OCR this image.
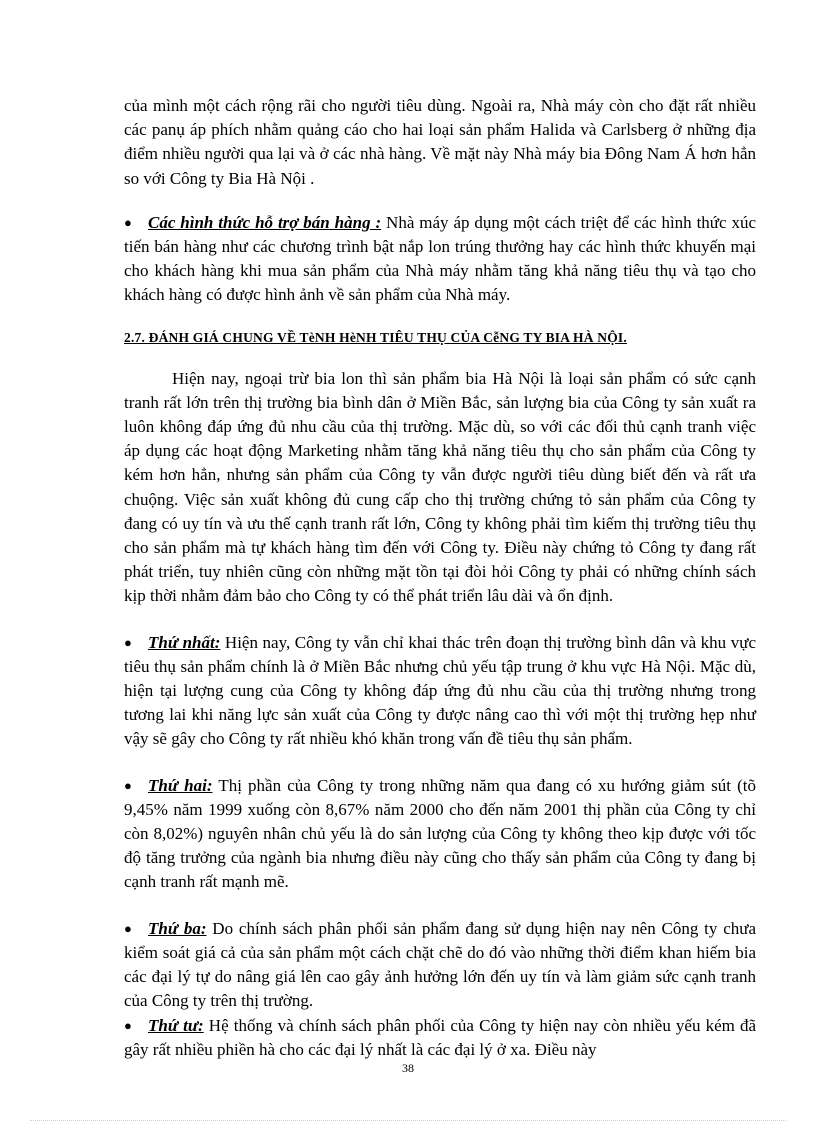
của mình một cách rộng rãi cho người tiêu dùng. Ngoài ra, Nhà máy còn cho đặt rất nhiều các panụ áp phích nhằm quảng cáo cho hai loại sản phẩm Halida và Carlsberg ở những địa điểm nhiều người qua lại và ở các nhà hàng. Về mặt này Nhà máy bia Đông Nam Á hơn hẳn so với Công ty Bia Hà Nội .

● Các hình thức hỗ trợ bán hàng : Nhà máy áp dụng một cách triệt để các hình thức xúc tiến bán hàng như các chương trình bật nắp lon trúng thưởng hay các hình thức khuyến mại cho khách hàng khi mua sản phẩm của Nhà máy nhằm tăng khả năng tiêu thụ và tạo cho khách hàng có được hình ảnh về sản phẩm của Nhà máy.

2.7. ĐÁNH GIÁ CHUNG VỀ TèNH HèNH TIÊU THỤ CỦA CễNG TY BIA HÀ NỘI.

Hiện nay, ngoại trừ bia lon thì sản phẩm bia Hà Nội là loại sản phẩm có sức cạnh tranh rất lớn trên thị trường bia bình dân ở Miền Bắc, sản lượng bia của Công ty sản xuất ra luôn không đáp ứng đủ nhu cầu của thị trường. Mặc dù, so với các đối thủ cạnh tranh việc áp dụng các hoạt động Marketing nhằm tăng khả năng tiêu thụ cho sản phẩm của Công ty kém hơn hẳn, nhưng sản phẩm của Công ty vẫn được người tiêu dùng biết đến và rất ưa chuộng. Việc sản xuất không đủ cung cấp cho thị trường chứng tỏ sản phẩm của Công ty đang có uy tín và ưu thế cạnh tranh rất lớn, Công ty không phải tìm kiếm thị trường tiêu thụ cho sản phẩm mà tự khách hàng tìm đến với Công ty. Điều này chứng tỏ Công ty đang rất phát triển, tuy nhiên cũng còn những mặt tồn tại đòi hỏi Công ty phải có những chính sách kịp thời nhằm đảm bảo cho Công ty có thể phát triển lâu dài và ổn định.

● Thứ nhất: Hiện nay, Công ty vẫn chỉ khai thác trên đoạn thị trường bình dân và khu vực tiêu thụ sản phẩm chính là ở Miền Bắc nhưng chủ yếu tập trung ở khu vực Hà Nội. Mặc dù, hiện tại lượng cung của Công ty không đáp ứng đủ nhu cầu của thị trường nhưng trong tương lai khi năng lực sản xuất của Công ty được nâng cao thì với một thị trường hẹp như vậy sẽ gây cho Công ty rất nhiều khó khăn trong vấn đề tiêu thụ sản phẩm.

● Thứ hai: Thị phần của Công ty trong những năm qua đang có xu hướng giảm sút (tõ 9,45% năm 1999 xuống còn 8,67% năm 2000 cho đến năm 2001 thị phần của Công ty chỉ còn 8,02%) nguyên nhân chủ yếu là do sản lượng của Công ty không theo kịp được với tốc độ tăng trưởng của ngành bia nhưng điều này cũng cho thấy sản phẩm của Công ty đang bị cạnh tranh rất mạnh mẽ.

● Thứ ba: Do chính sách phân phối sản phẩm đang sử dụng hiện nay nên Công ty chưa kiểm soát giá cả của sản phẩm một cách chặt chẽ do đó vào những thời điểm khan hiếm bia các đại lý tự do nâng giá lên cao gây ảnh hưởng lớn đến uy tín và làm giảm sức cạnh tranh của Công ty trên thị trường.

● Thứ tư: Hệ thống và chính sách phân phối của Công ty hiện nay còn nhiều yếu kém đã gây rất nhiều phiền hà cho các đại lý nhất là các đại lý ở xa. Điều này

38
